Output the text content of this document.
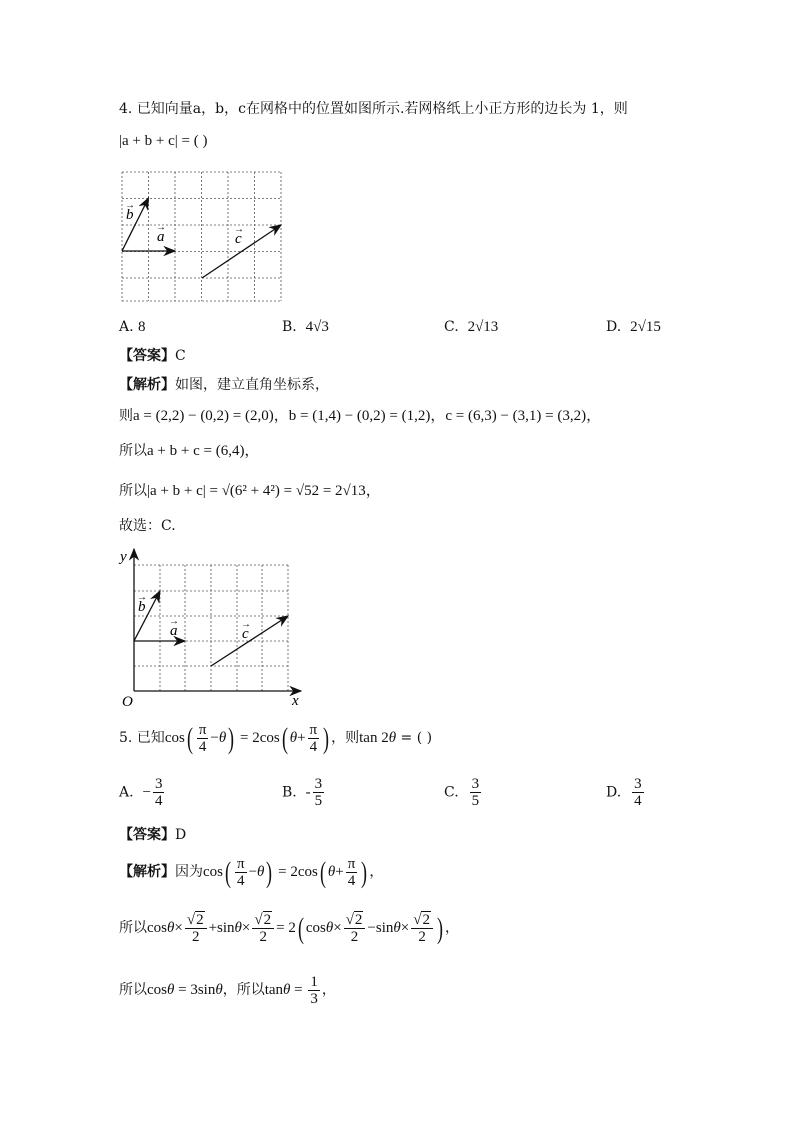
4. 已知向量a，b，c在网格中的位置如图所示.若网格纸上小正方形的边长为 1，则
|a + b + c| = ( )
a
b
c
→
→
→
A. 8	B. 4√3	C. 2√13	D. 2√15
【答案】C
【解析】如图，建立直角坐标系，
则a = (2,2) − (0,2) = (2,0)，b = (1,4) − (0,2) = (1,2)，c = (6,3) − (3,1) = (3,2)，
所以a + b + c = (6,4)，
所以|a + b + c| = √(6² + 4²) = √52 = 2√13，
故选：C.
a
b
c
→
→
→
y
x
O
5. 已知$\cos( \frac{\pi}{4} -\theta) = 2\cos$( $\theta+ \frac{\pi}{4}$ ) ，则tan 2θ = ( )
A. − $\frac{3}{4}$	B. - $\frac{3}{5}$	C. $\frac{3}{5}$	D. $\frac{3}{4}$
【答案】D
【解析】因为$\cos( \frac{\pi}{4} -\theta) = 2\cos$( $\theta+ \frac{\pi}{4}$ ) ，
所以$\cos\theta\times \frac{√2}{2} +\sin\theta\times \frac{√2}{2} = 2$( $\cos\theta\times \frac{√2}{2} -\sin\theta\times \frac{√2}{2}$ ) ，
所以cosθ = 3sinθ，所以$\tan\theta = \frac{1}{3}$ ，
